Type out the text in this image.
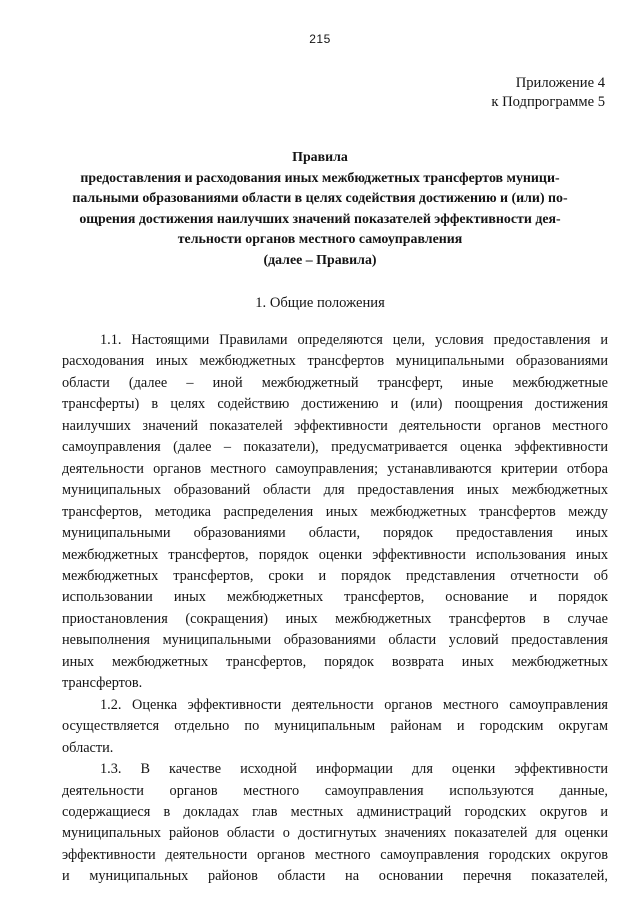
215
Приложение 4
к Подпрограмме 5
Правила
предоставления и расходования иных межбюджетных трансфертов муници-
пальными образованиями области в целях содействия достижению и (или) по-
ощрения достижения наилучших значений показателей эффективности дея-
тельности органов местного самоуправления
(далее – Правила)
1. Общие положения
1.1. Настоящими Правилами определяются цели, условия предоставления и
расходования иных межбюджетных трансфертов муниципальными образованиями
области (далее – иной межбюджетный трансферт, иные межбюджетные
трансферты) в целях содействию достижению и (или) поощрения достижения
наилучших значений показателей эффективности деятельности органов местного
самоуправления (далее – показатели), предусматривается оценка эффективности
деятельности органов местного самоуправления; устанавливаются критерии отбора
муниципальных образований области для предоставления иных межбюджетных
трансфертов, методика распределения иных межбюджетных трансфертов между
муниципальными образованиями области, порядок предоставления иных
межбюджетных трансфертов, порядок оценки эффективности использования иных
межбюджетных трансфертов, сроки и порядок представления отчетности об
использовании иных межбюджетных трансфертов, основание и порядок
приостановления (сокращения) иных межбюджетных трансфертов в случае
невыполнения муниципальными образованиями области условий предоставления
иных межбюджетных трансфертов, порядок возврата иных межбюджетных
трансфертов.
1.2. Оценка эффективности деятельности органов местного самоуправления
осуществляется отдельно по муниципальным районам и городским округам
области.
1.3. В качестве исходной информации для оценки эффективности
деятельности органов местного самоуправления используются данные,
содержащиеся в докладах глав местных администраций городских округов и
муниципальных районов области о достигнутых значениях показателей для оценки
эффективности деятельности органов местного самоуправления городских округов
и муниципальных районов области на основании перечня показателей,
